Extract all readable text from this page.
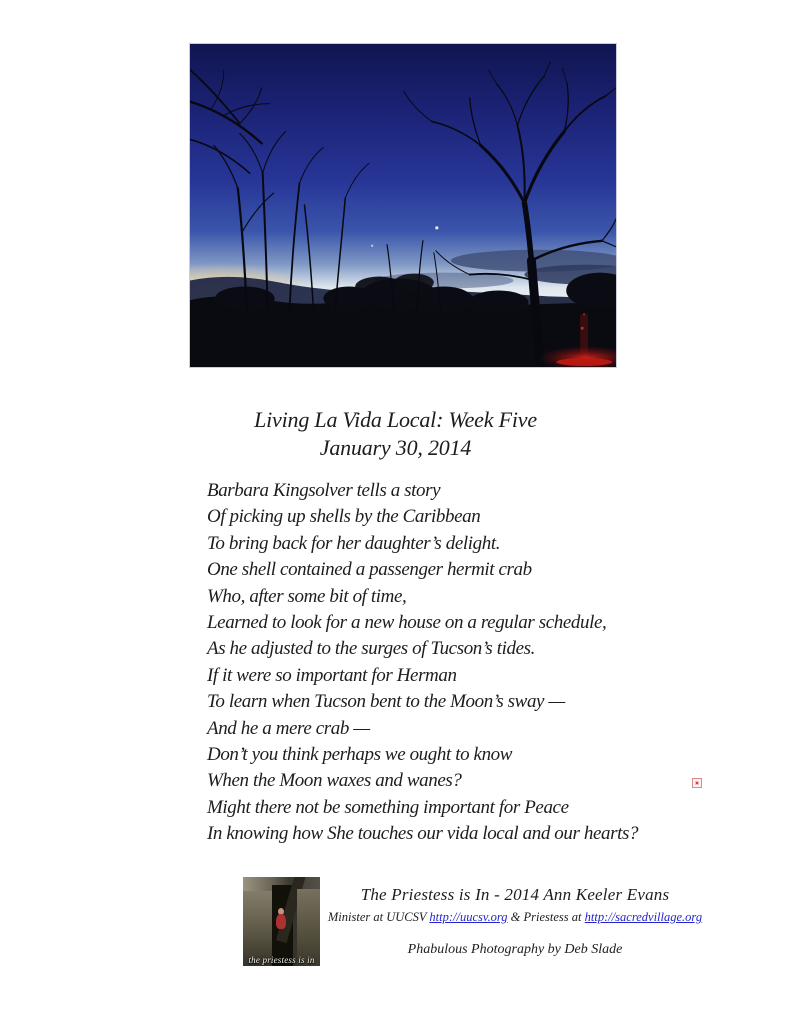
Living La Vida Local: Week Five
January 30, 2014
Barbara Kingsolver tells a story
Of picking up shells by the Caribbean
To bring back for her daughter’s delight.
One shell contained a passenger hermit crab
Who, after some bit of time,
Learned to look for a new house on a regular schedule,
As he adjusted to the surges of Tucson’s tides.
If it were so important for Herman
To learn when Tucson bent to the Moon’s sway —
And he a mere crab —
Don’t you think perhaps we ought to know
When the Moon waxes and wanes?
Might there not be something important for Peace
In knowing how She touches our vida local and our hearts?
the priestess is in
The Priestess is In - 2014 Ann Keeler Evans
Minister at UUCSV http://uucsv.org & Priestess at http://sacredvillage.org
Phabulous Photography by Deb Slade
